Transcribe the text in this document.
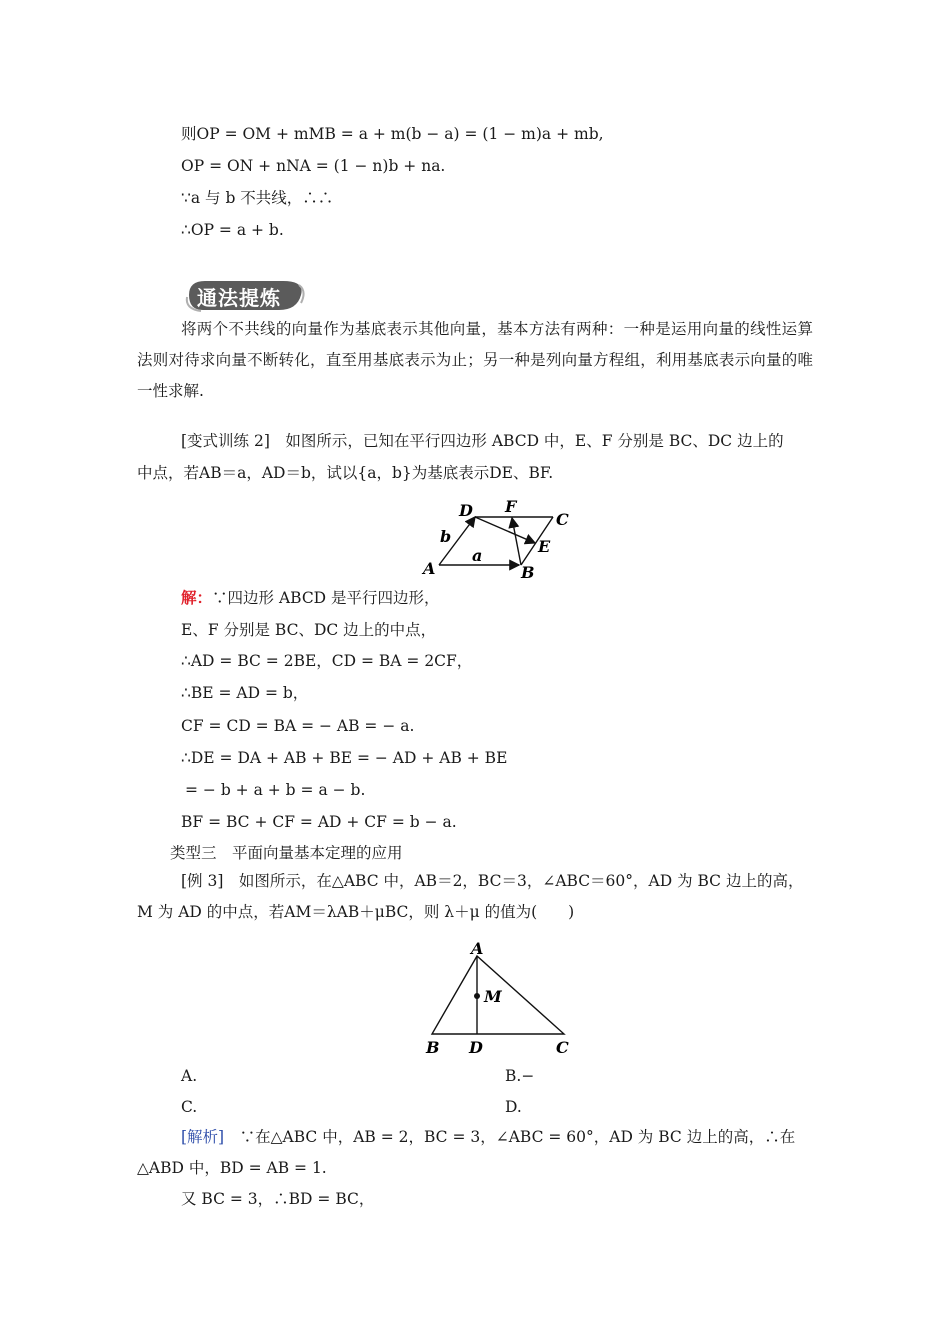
则OP = OM + mMB = a + m(b − a) = (1 − m)a + mb,
OP = ON + nNA = (1 − n)b + na.
∵a 与 b 不共线，∴∴
∴OP = a + b.
通法提炼
将两个不共线的向量作为基底表示其他向量，基本方法有两种：一种是运用向量的线性运算法则对待求向量不断转化，直至用基底表示为止；另一种是列向量方程组，利用基底表示向量的唯一性求解.
[变式训练 2]　 如图所示，已知在平行四边形 ABCD 中，E、F 分别是 BC、DC 边上的
中点，若AB＝a，AD＝b，试以{a，b}为基底表示DE、BF.
A	B
C
D
E
F
a
b
解：∵四边形 ABCD 是平行四边形，
E、F 分别是 BC、DC 边上的中点，
∴AD = BC = 2BE，CD = BA = 2CF，
∴BE = AD = b，
CF = CD = BA = − AB = − a.
∴DE = DA + AB + BE = − AD + AB + BE
= − b + a + b = a − b.
BF = BC + CF = AD + CF = b − a.
类型三　平面向量基本定理的应用
[例 3]　 如图所示，在△ABC 中，AB＝2，BC＝3，∠ABC＝60°，AD 为 BC 边上的高，
M 为 AD 的中点，若AM＝λAB＋μBC，则 λ＋μ 的值为(　　)
A
B D	C
M
A.	B.−
C.	D.
[解析]　 ∵在△ABC 中，AB = 2，BC = 3，∠ABC = 60°，AD 为 BC 边上的高，∴在
△ABD 中，BD = AB = 1.
又 BC = 3，∴BD = BC，
